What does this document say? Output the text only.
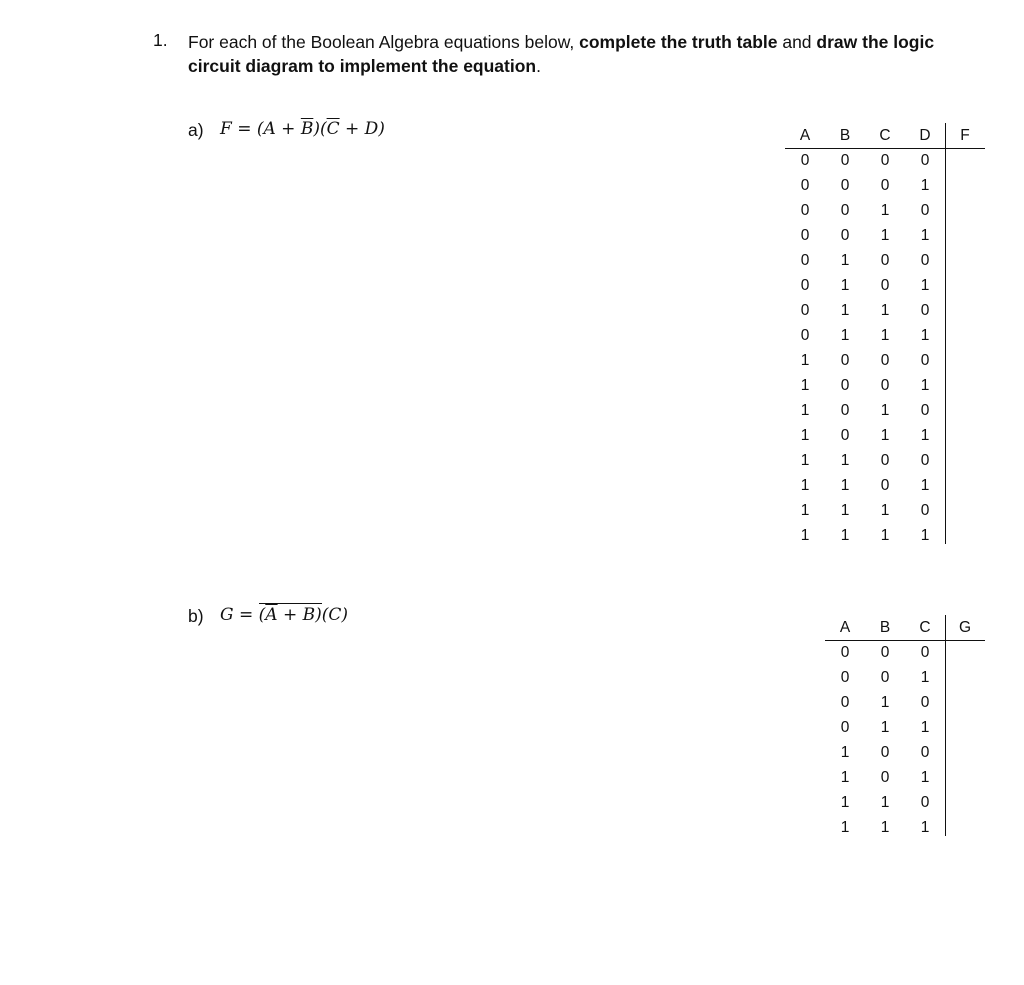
1. For each of the Boolean Algebra equations below, complete the truth table and draw the logic circuit diagram to implement the equation.
a) $F = (A + \overline{B})(\overline{C} + D)$	A	B	C	D	F
0	0	0	0
0	0	0	1
0	0	1	0
0	0	1	1
0	1	0	0
0	1	0	1
0	1	1	0
0	1	1	1
1	0	0	0
1	0	0	1
1	0	1	0
1	0	1	1
1	1	0	0
1	1	0	1
1	1	1	0
1	1	1	1
b) $G = (\overline{A} + B)(C)$
A	B	C	G
0	0	0
0	0	1
0	1	0
0	1	1
1	0	0
1	0	1
1	1	0
1	1	1
